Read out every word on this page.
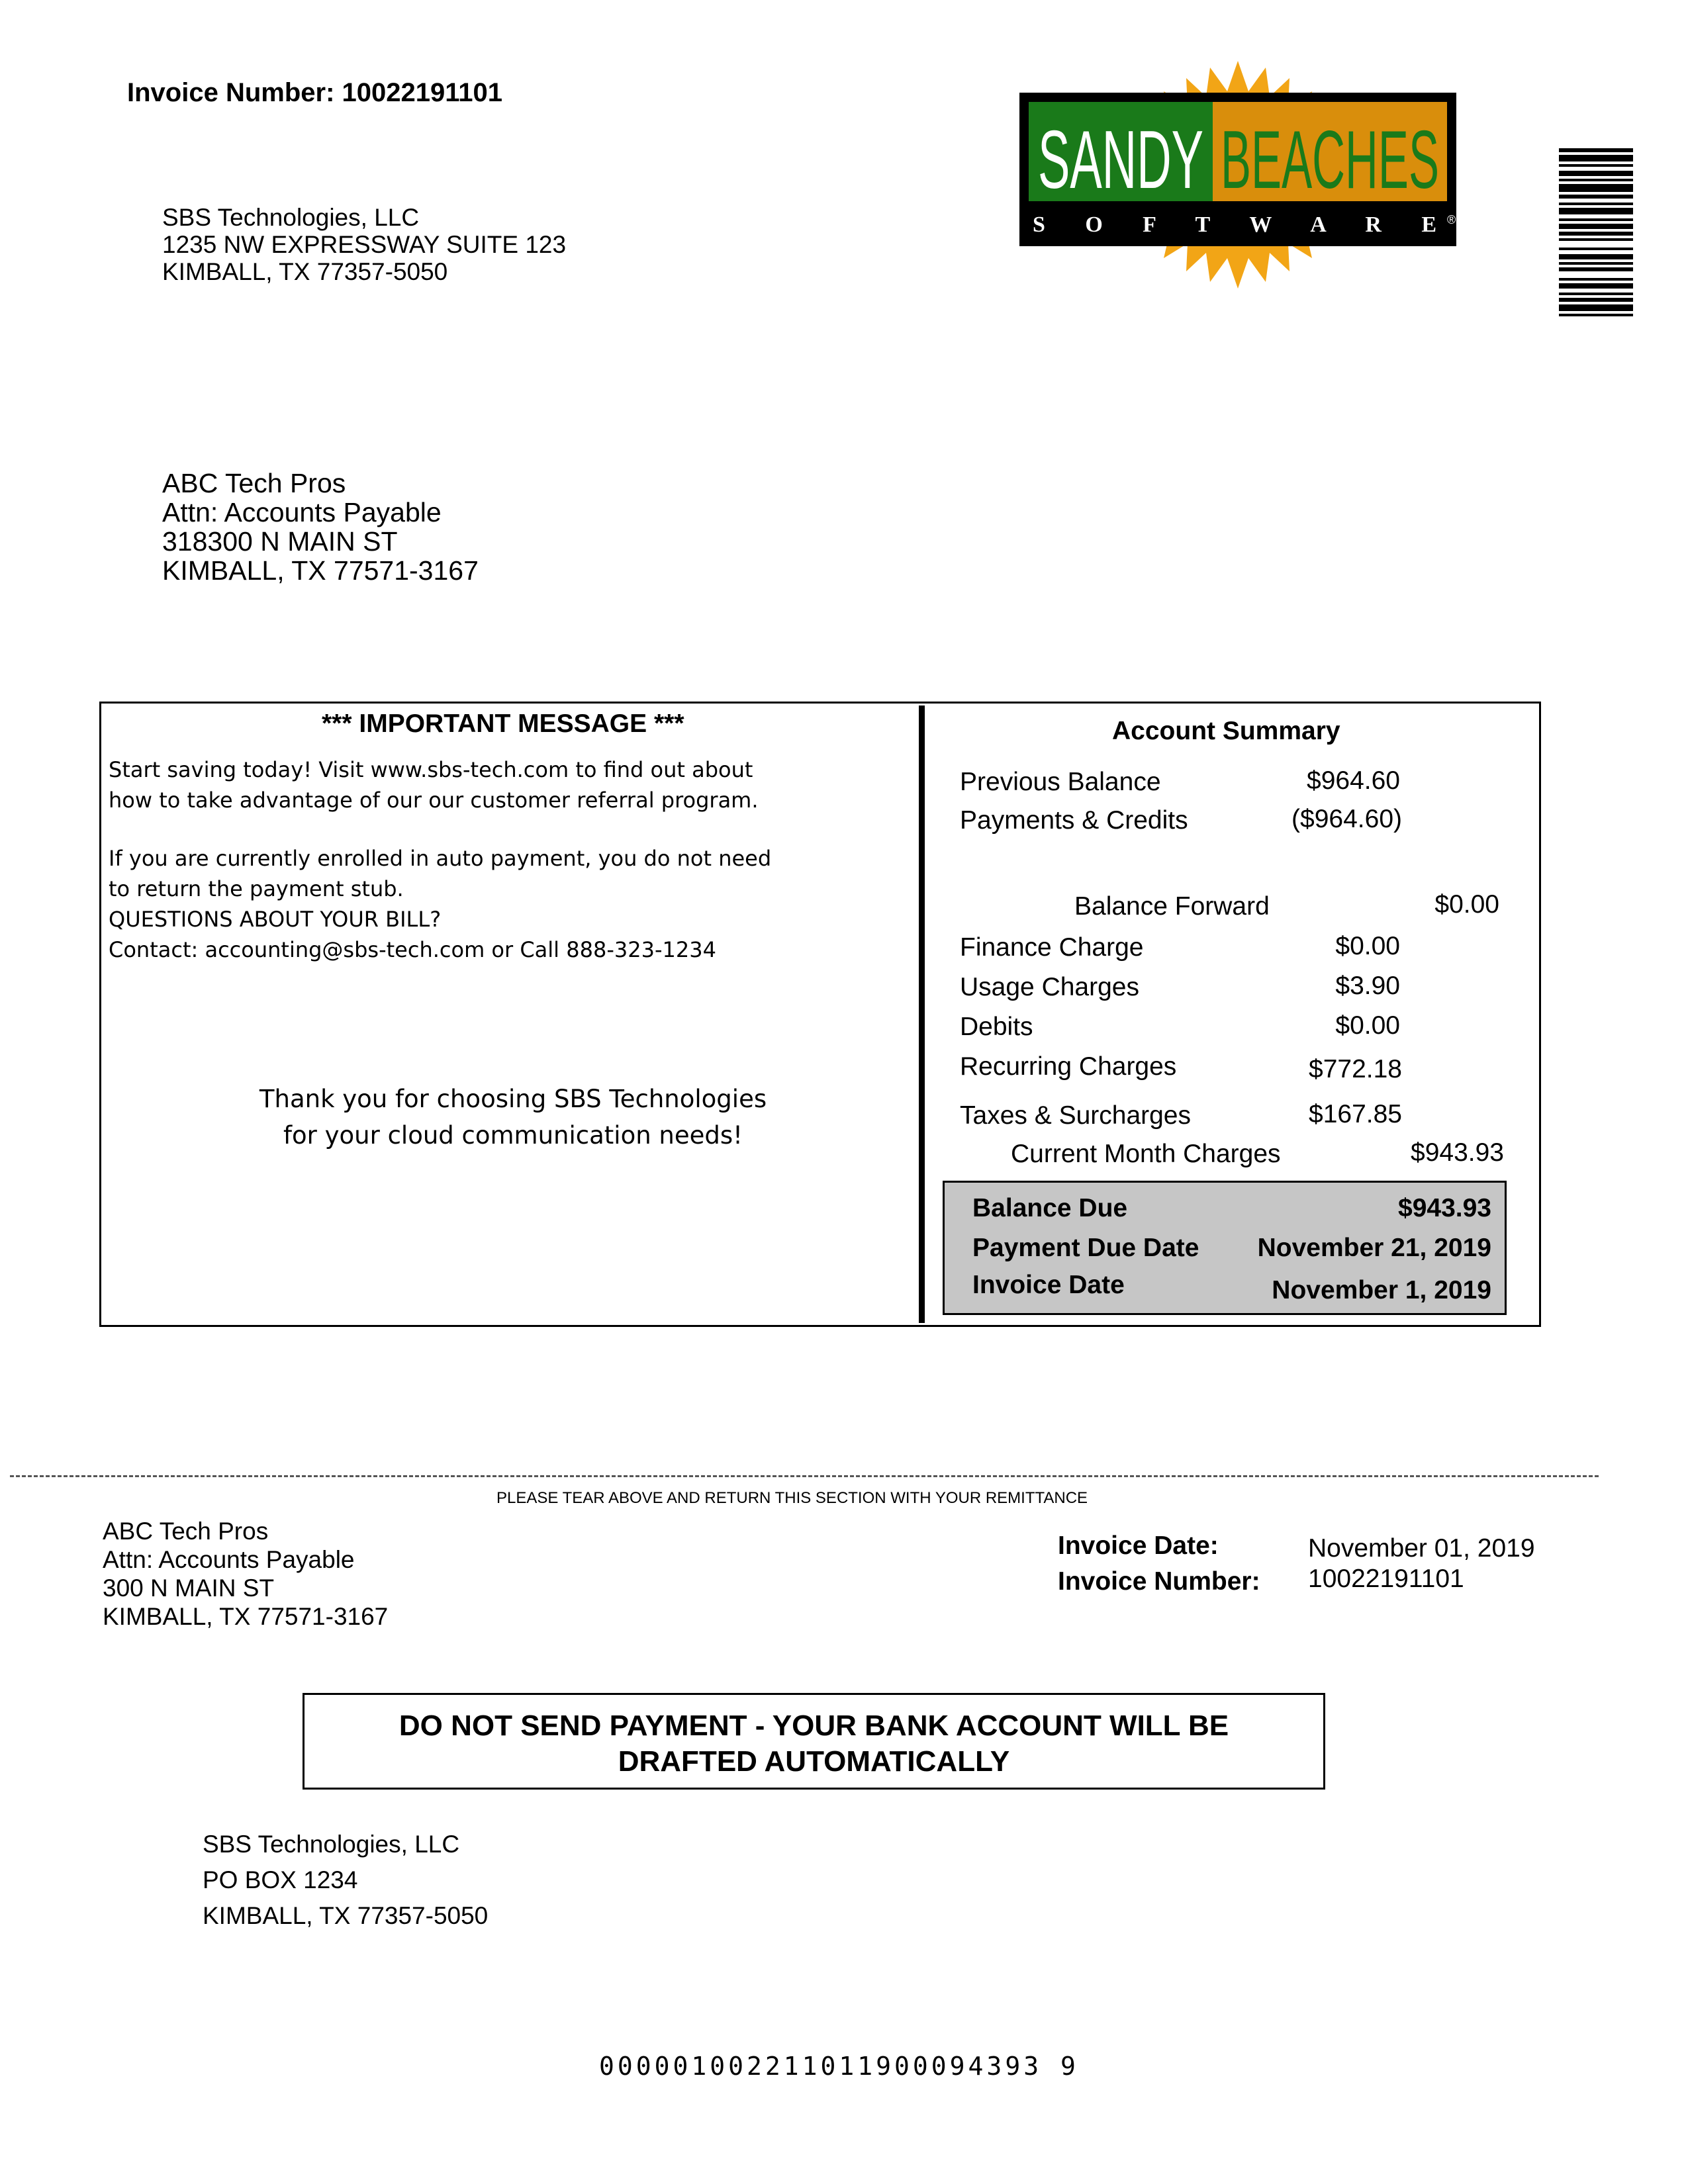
Invoice Number: 10022191101
SBS Technologies, LLC
1235 NW EXPRESSWAY SUITE 123
KIMBALL, TX 77357-5050
SANDY BEACHES
S O F T W A R E ®
ABC Tech Pros
Attn: Accounts Payable
318300 N MAIN ST
KIMBALL, TX 77571-3167
*** IMPORTANT MESSAGE ***
Start saving today! Visit www.sbs-tech.com to find out about
how to take advantage of our our customer referral program.
If you are currently enrolled in auto payment, you do not need
to return the payment stub.
QUESTIONS ABOUT YOUR BILL?
Contact: accounting@sbs-tech.com or Call 888-323-1234
Thank you for choosing SBS Technologies
for your cloud communication needs!
Account Summary
Previous Balance	$964.60
Payments & Credits	($964.60)
Balance Forward	$0.00
Finance Charge	$0.00
Usage Charges	$3.90
Debits	$0.00
Recurring Charges	$772.18
Taxes & Surcharges	$167.85
Current Month Charges	$943.93
Balance Due	$943.93
Payment Due Date November 21, 2019
Invoice Date	November 1, 2019
PLEASE TEAR ABOVE AND RETURN THIS SECTION WITH YOUR REMITTANCE
ABC Tech Pros
Attn: Accounts Payable
300 N MAIN ST
KIMBALL, TX 77571-3167
Invoice Date:	November 01, 2019
Invoice Number: 10022191101
DO NOT SEND PAYMENT - YOUR BANK ACCOUNT WILL BE
DRAFTED AUTOMATICALLY
SBS Technologies, LLC
PO BOX 1234
KIMBALL, TX 77357-5050
000001002211011900094393 9
